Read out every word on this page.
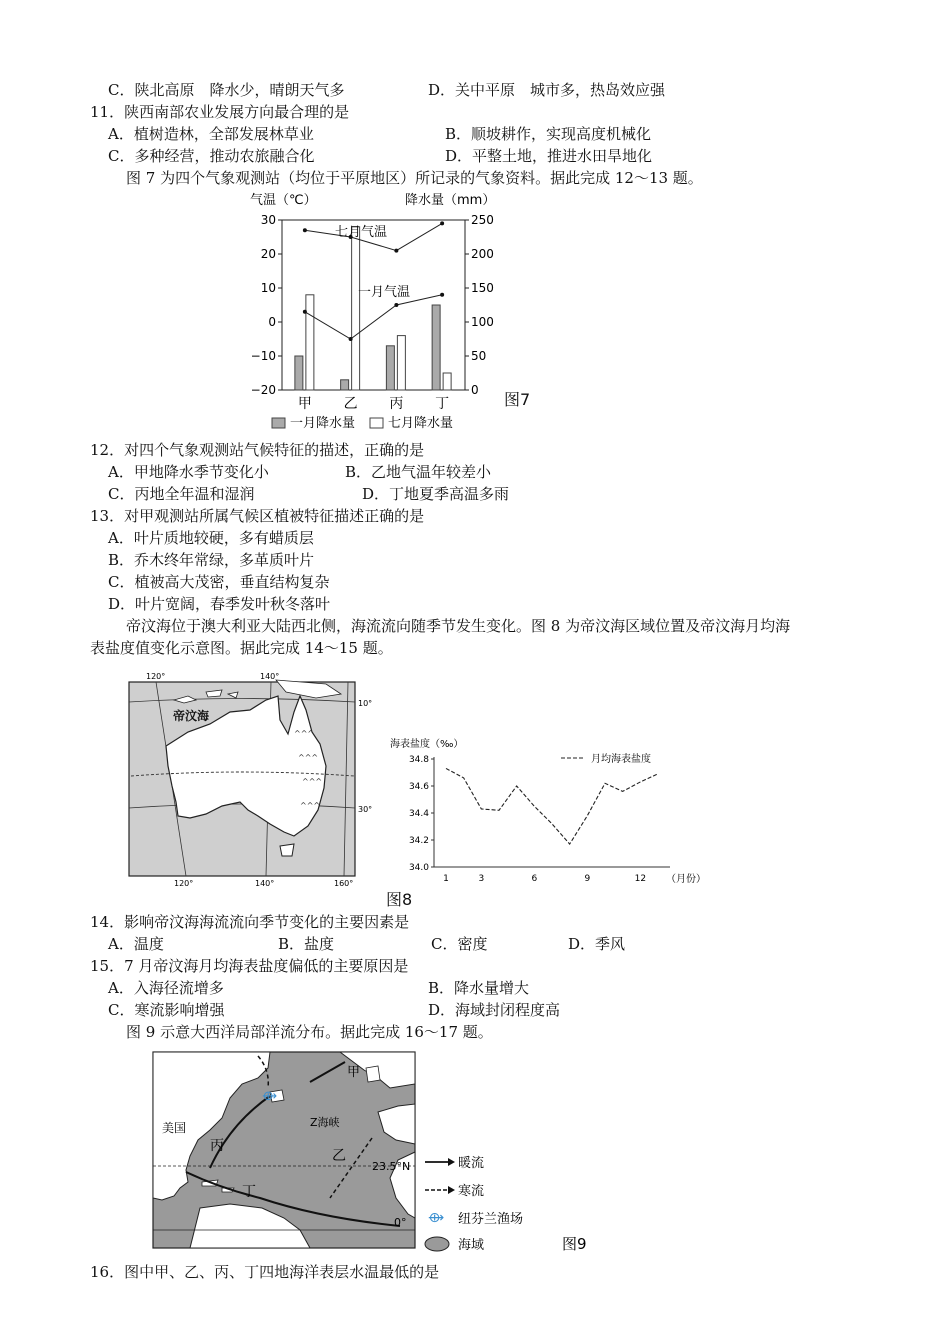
C．陕北高原　降水少，晴朗天气多	D．关中平原　城市多，热岛效应强
11．陕西南部农业发展方向最合理的是
A．植树造林，全部发展林草业	B．顺坡耕作，实现高度机械化
C．多种经营，推动农旅融合化	D．平整土地，推进水田旱地化
图 7 为四个气象观测站（均位于平原地区）所记录的气象资料。据此完成 12～13 题。
气温（℃）	降水量（mm）
30
20
10
0
−10
−20
250
200
150
100
50
0
甲 乙 丙 丁
七月气温
一月气温
一月降水量	七月降水量
图7
12．对四个气象观测站气候特征的描述，正确的是
A．甲地降水季节变化小	B．乙地气温年较差小
C．丙地全年温和湿润	D．丁地夏季高温多雨
13．对甲观测站所属气候区植被特征描述正确的是
A．叶片质地较硬，多有蜡质层
B．乔木终年常绿，多革质叶片
C．植被高大茂密，垂直结构复杂
D．叶片宽阔，春季发叶秋冬落叶
帝汶海位于澳大利亚大陆西北侧，海流流向随季节发生变化。图 8 为帝汶海区域位置及帝汶海月均海
表盐度值变化示意图。据此完成 14～15 题。
^^^
^^^
^^^
^^^
帝汶海
120°	140°
120°	140°	160°
10°
30°
海表盐度（‰）
34.8
34.6
34.4
34.2
34.0
1	3	6	9	12
月均海表盐度
（月份）
图8
14．影响帝汶海海流流向季节变化的主要因素是
A．温度	B．盐度	C．密度	D．季风
15．7 月帝汶海月均海表盐度偏低的主要原因是
A．入海径流增多	B．降水量增大
C．寒流影响增强	D．海域封闭程度高
图 9 示意大西洋局部洋流分布。据此完成 16～17 题。
⟴
甲
美国	Z海峡
丙
乙
丁
23.5°N
0°
暖流
寒流
⟴ 纽芬兰渔场
海域	图9
16．图中甲、乙、丙、丁四地海洋表层水温最低的是
